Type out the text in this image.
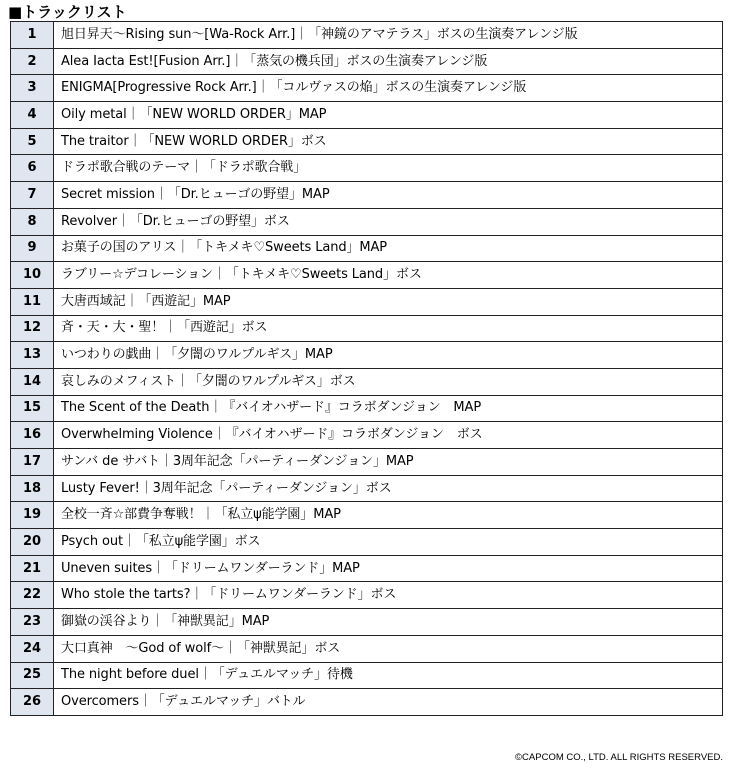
■トラックリスト
1	旭日昇天～Rising sun～[Wa-Rock Arr.]｜「神鏡のアマテラス」ボスの生演奏アレンジ版
2	Alea Iacta Est![Fusion Arr.]｜「蒸気の機兵団」ボスの生演奏アレンジ版
3	ENIGMA[Progressive Rock Arr.]｜「コルヴァスの焔」ボスの生演奏アレンジ版
4	Oily metal｜「NEW WORLD ORDER」MAP
5	The traitor｜「NEW WORLD ORDER」ボス
6	ドラポ歌合戦のテーマ｜「ドラポ歌合戦」
7	Secret mission｜「Dr.ヒューゴの野望」MAP
8	Revolver｜「Dr.ヒューゴの野望」ボス
9	お菓子の国のアリス｜「トキメキ♡Sweets Land」MAP
10	ラブリー☆デコレーション｜「トキメキ♡Sweets Land」ボス
11	大唐西域記｜「西遊記」MAP
12	斉・天・大・聖！｜「西遊記」ボス
13	いつわりの戯曲｜「夕闇のワルプルギス」MAP
14	哀しみのメフィスト｜「夕闇のワルプルギス」ボス
15	The Scent of the Death｜『バイオハザード』コラボダンジョン　MAP
16	Overwhelming Violence｜『バイオハザード』コラボダンジョン　ボス
17	サンバ de サバト｜3周年記念「パーティーダンジョン」MAP
18	Lusty Fever!｜3周年記念「パーティーダンジョン」ボス
19	全校一斉☆部費争奪戦！｜「私立ψ能学園」MAP
20	Psych out｜「私立ψ能学園」ボス
21	Uneven suites｜「ドリームワンダーランド」MAP
22	Who stole the tarts?｜「ドリームワンダーランド」ボス
23	御嶽の渓谷より｜「神獣異記」MAP
24	大口真神　～God of wolf～｜「神獣異記」ボス
25	The night before duel｜「デュエルマッチ」待機
26	Overcomers｜「デュエルマッチ」バトル
©CAPCOM CO., LTD. ALL RIGHTS RESERVED.
